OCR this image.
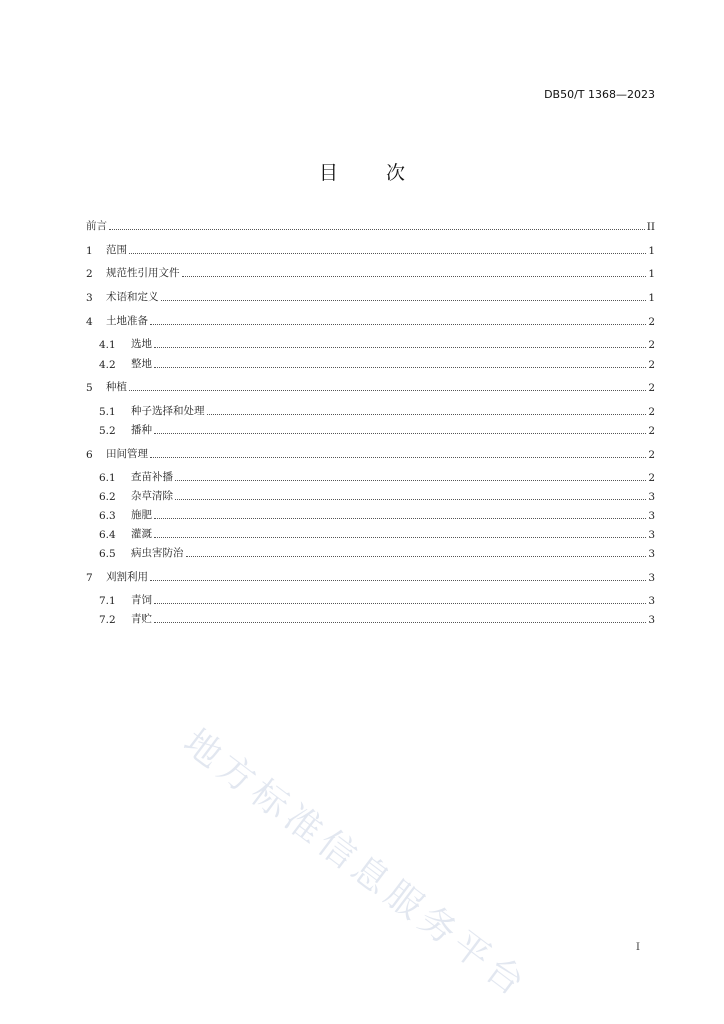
DB50/T 1368—2023
目	次
前言	II
1	范围	1
2	规范性引用文件	1
3	术语和定义	1
4	土地准备	2
4.1	选地	2
4.2	整地	2
5	种植	2
5.1	种子选择和处理	2
5.2	播种	2
6	田间管理	2
6.1	查苗补播	2
6.2	杂草清除	3
6.3	施肥	3
6.4	灌溉	3
6.5	病虫害防治	3
7	刈割利用	3
7.1	青饲	3
7.2	青贮	3
地方标准信息服务平台	I
